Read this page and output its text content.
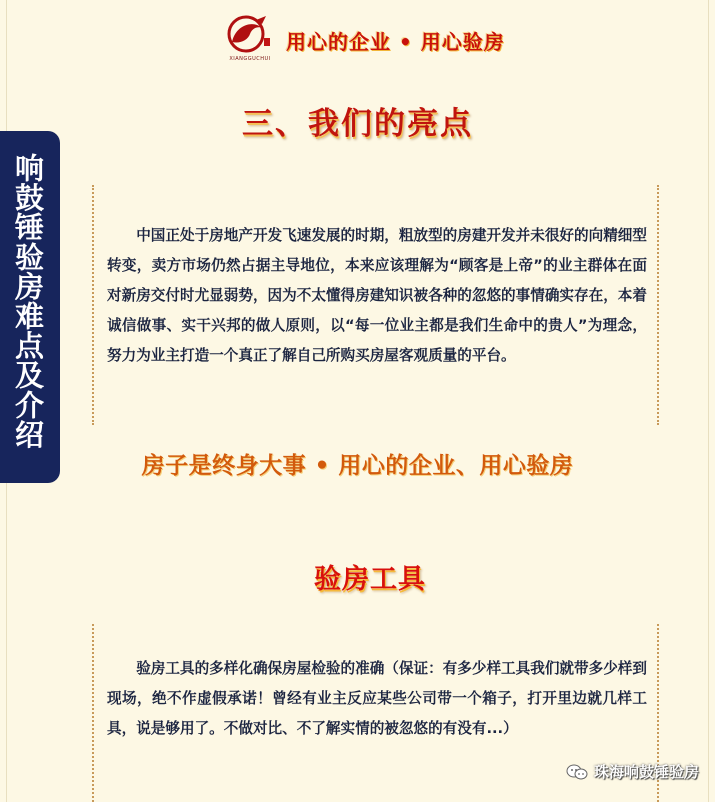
XIANGGUCHUI
用心的企业 • 用心验房
三、我们的亮点
响鼓锤验房难点及介绍	中国正处于房地产开发飞速发展的时期，粗放型的房建开发并未很好的向精细型转变，卖方市场仍然占据主导地位，本来应该理解为“顾客是上帝”的业主群体在面对新房交付时尤显弱势，因为不太懂得房建知识被各种的忽悠的事情确实存在，本着诚信做事、实干兴邦的做人原则，以“每一位业主都是我们生命中的贵人”为理念，努力为业主打造一个真正了解自己所购买房屋客观质量的平台。

房子是终身大事 • 用心的企业、用心验房
验房工具

验房工具的多样化确保房屋检验的准确（保证：有多少样工具我们就带多少样到现场，绝不作虚假承诺！曾经有业主反应某些公司带一个箱子，打开里边就几样工具，说是够用了。不做对比、不了解实情的被忽悠的有没有...）

珠海响鼓锤验房
